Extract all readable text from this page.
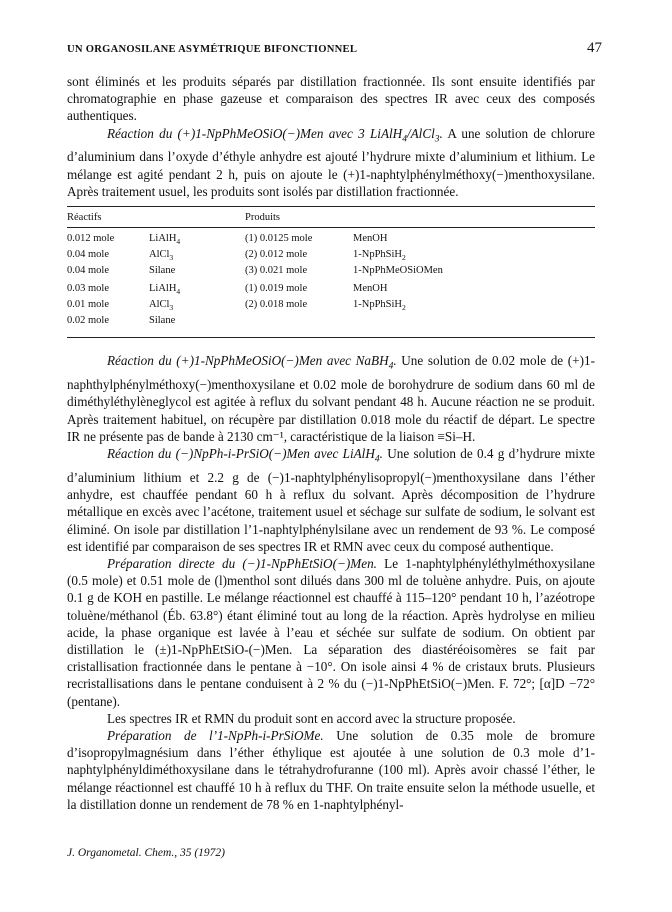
UN ORGANOSILANE ASYMÉTRIQUE BIFONCTIONNEL	47

sont éliminés et les produits séparés par distillation fractionnée. Ils sont ensuite identifiés par chromatographie en phase gazeuse et comparaison des spectres IR avec ceux des composés authentiques.

Réaction du (+)1-NpPhMeOSiO(−)Men avec 3 LiAlH$_4$/AlCl$_3$. A une solution de chlorure d’aluminium dans l’oxyde d’éthyle anhydre est ajouté l’hydrure mixte d’aluminium et lithium. Le mélange est agité pendant 2 h, puis on ajoute le (+)1-naphtylphénylméthoxy(−)menthoxysilane. Après traitement usuel, les produits sont isolés par distillation fractionnée.

Réactifs	Produits
0.012 mole	LiAlH$_4$	(1) 0.0125 mole	MenOH
0.04 mole	AlCl$_3$	(2) 0.012 mole	1-NpPhSiH$_2$
0.04 mole	Silane	(3) 0.021 mole	1-NpPhMeOSiOMen
0.03 mole	LiAlH$_4$	(1) 0.019 mole	MenOH
0.01 mole	AlCl$_3$	(2) 0.018 mole	1-NpPhSiH$_2$
0.02 mole	Silane

Réaction du (+)1-NpPhMeOSiO(−)Men avec NaBH$_4$. Une solution de 0.02 mole de (+)1-naphthylphénylméthoxy(−)menthoxysilane et 0.02 mole de borohydrure de sodium dans 60 ml de diméthyléthylèneglycol est agitée à reflux du solvant pendant 48 h. Aucune réaction ne se produit. Après traitement habituel, on récupère par distillation 0.018 mole du réactif de départ. Le spectre IR ne présente pas de bande à 2130 cm⁻¹, caractéristique de la liaison ≡Si–H.

Réaction du (−)NpPh-i-PrSiO(−)Men avec LiAlH$_4$. Une solution de 0.4 g d’hydrure mixte d’aluminium lithium et 2.2 g de (−)1-naphtylphénylisopropyl(−)menthoxysilane dans l’éther anhydre, est chauffée pendant 60 h à reflux du solvant. Après décomposition de l’hydrure métallique en excès avec l’acétone, traitement usuel et séchage sur sulfate de sodium, le solvant est éliminé. On isole par distillation l’1-naphtylphénylsilane avec un rendement de 93 %. Le composé est identifié par comparaison de ses spectres IR et RMN avec ceux du composé authentique.

Préparation directe du (−)1-NpPhEtSiO(−)Men. Le 1-naphtylphényléthylméthoxysilane (0.5 mole) et 0.51 mole de (l)menthol sont dilués dans 300 ml de toluène anhydre. Puis, on ajoute 0.1 g de KOH en pastille. Le mélange réactionnel est chauffé à 115–120° pendant 10 h, l’azéotrope toluène/méthanol (Éb. 63.8°) étant éliminé tout au long de la réaction. Après hydrolyse en milieu acide, la phase organique est lavée à l’eau et séchée sur sulfate de sodium. On obtient par distillation le (±)1-NpPhEtSiO-(−)Men. La séparation des diastéréoisomères se fait par cristallisation fractionnée dans le pentane à −10°. On isole ainsi 4 % de cristaux bruts. Plusieurs recristallisations dans le pentane conduisent à 2 % du (−)1-NpPhEtSiO(−)Men. F. 72°; [α]D −72° (pentane).

Les spectres IR et RMN du produit sont en accord avec la structure proposée.

Préparation de l’1-NpPh-i-PrSiOMe. Une solution de 0.35 mole de bromure d’isopropylmagnésium dans l’éther éthylique est ajoutée à une solution de 0.3 mole d’1-naphtylphényldiméthoxysilane dans le tétrahydrofuranne (100 ml). Après avoir chassé l’éther, le mélange réactionnel est chauffé 10 h à reflux du THF. On traite ensuite selon la méthode usuelle, et la distillation donne un rendement de 78 % en 1-naphtylphényl-

J. Organometal. Chem., 35 (1972)
